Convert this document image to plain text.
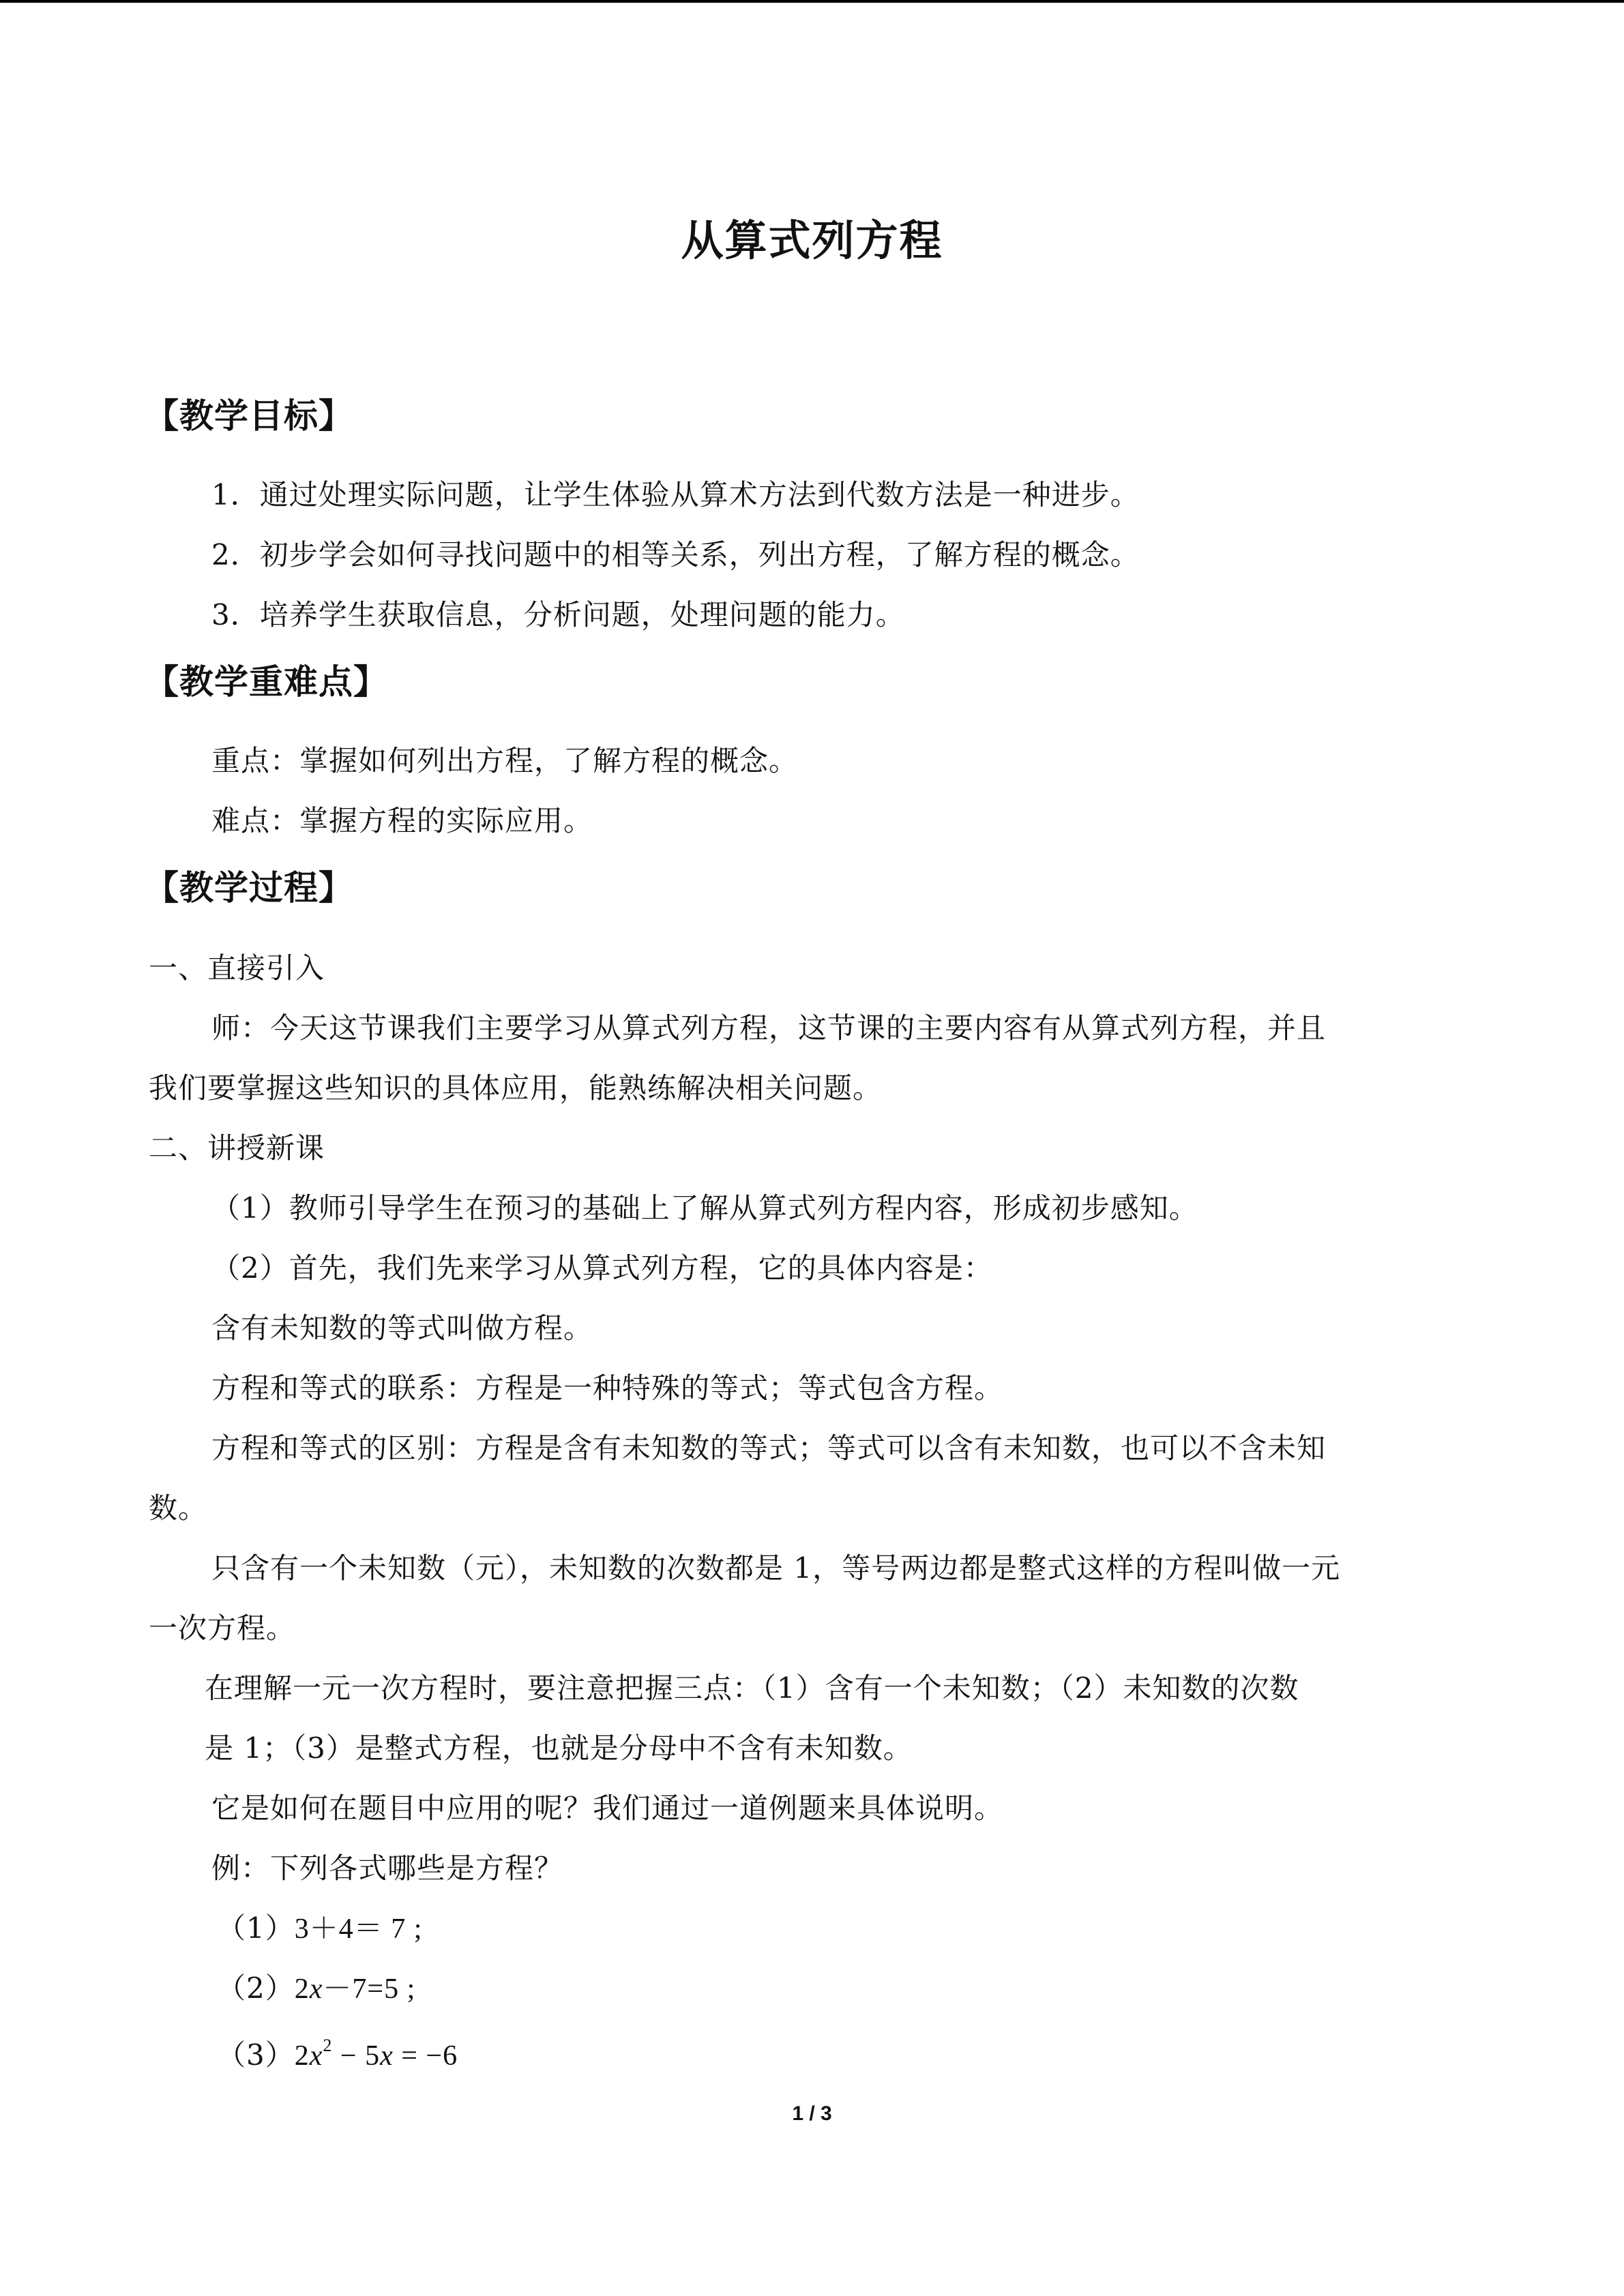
从算式列方程
【教学目标】
1．通过处理实际问题，让学生体验从算术方法到代数方法是一种进步。
2．初步学会如何寻找问题中的相等关系，列出方程，了解方程的概念。
3．培养学生获取信息，分析问题，处理问题的能力。
【教学重难点】
重点：掌握如何列出方程，了解方程的概念。
难点：掌握方程的实际应用。
【教学过程】
一、直接引入
师：今天这节课我们主要学习从算式列方程，这节课的主要内容有从算式列方程，并且
我们要掌握这些知识的具体应用，能熟练解决相关问题。
二、讲授新课
（1）教师引导学生在预习的基础上了解从算式列方程内容，形成初步感知。
（2）首先，我们先来学习从算式列方程，它的具体内容是：
含有未知数的等式叫做方程。
方程和等式的联系：方程是一种特殊的等式；等式包含方程。
方程和等式的区别：方程是含有未知数的等式；等式可以含有未知数，也可以不含未知
数。
只含有一个未知数（元），未知数的次数都是 1，等号两边都是整式这样的方程叫做一元
一次方程。
在理解一元一次方程时，要注意把握三点：（1）含有一个未知数；（2）未知数的次数
是 1；（3）是整式方程，也就是分母中不含有未知数。
它是如何在题目中应用的呢？我们通过一道例题来具体说明。
例：下列各式哪些是方程？
（1）3＋4＝ 7 ;
（2）2x－7=5 ;
$(3)2x^2 - 5x = -6$
1 / 3
